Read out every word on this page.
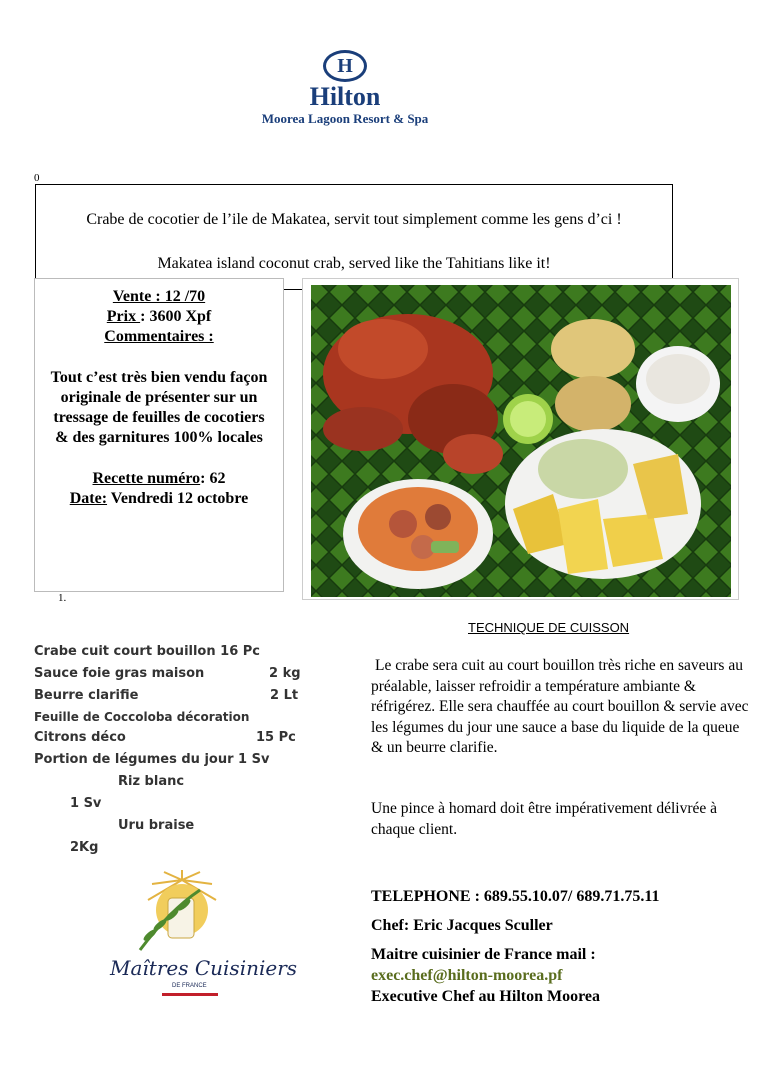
H
Hilton
Moorea Lagoon Resort & Spa
0
Crabe de cocotier de l’ile de Makatea, servit tout simplement comme les gens d’ci !
Makatea island coconut crab, served like the Tahitians like it!
Vente : 12 /70
Prix : 3600 Xpf
Commentaires :
Tout c’est très bien vendu façon originale de présenter sur un tressage de feuilles de cocotiers & des garnitures 100% locales
Recette numéro: 62
Date: Vendredi 12 octobre
1.
TECHNIQUE DE CUISSON
Crabe cuit court bouillon 16 Pc
Sauce foie gras maison	2 kg
Beurre clarifie	2 Lt
Feuille de Coccoloba décoration
Citrons déco	15 Pc
Portion de légumes du jour 1 Sv
Riz blanc
1 Sv
Uru braise
2Kg
Le crabe sera cuit au court bouillon très riche en saveurs au préalable, laisser refroidir a température ambiante & réfrigérez. Elle sera chauffée au court bouillon & servie avec les légumes du jour une sauce a base du liquide de la queue & un beurre clarifie.
Une pince à homard doit être impérativement délivrée à chaque client.
TELEPHONE : 689.55.10.07/ 689.71.75.11
Chef: Eric Jacques Sculler
Maitre cuisinier de France mail :
exec.chef@hilton-moorea.pf
Executive Chef au Hilton Moorea
Maîtres Cuisiniers
DE FRANCE
